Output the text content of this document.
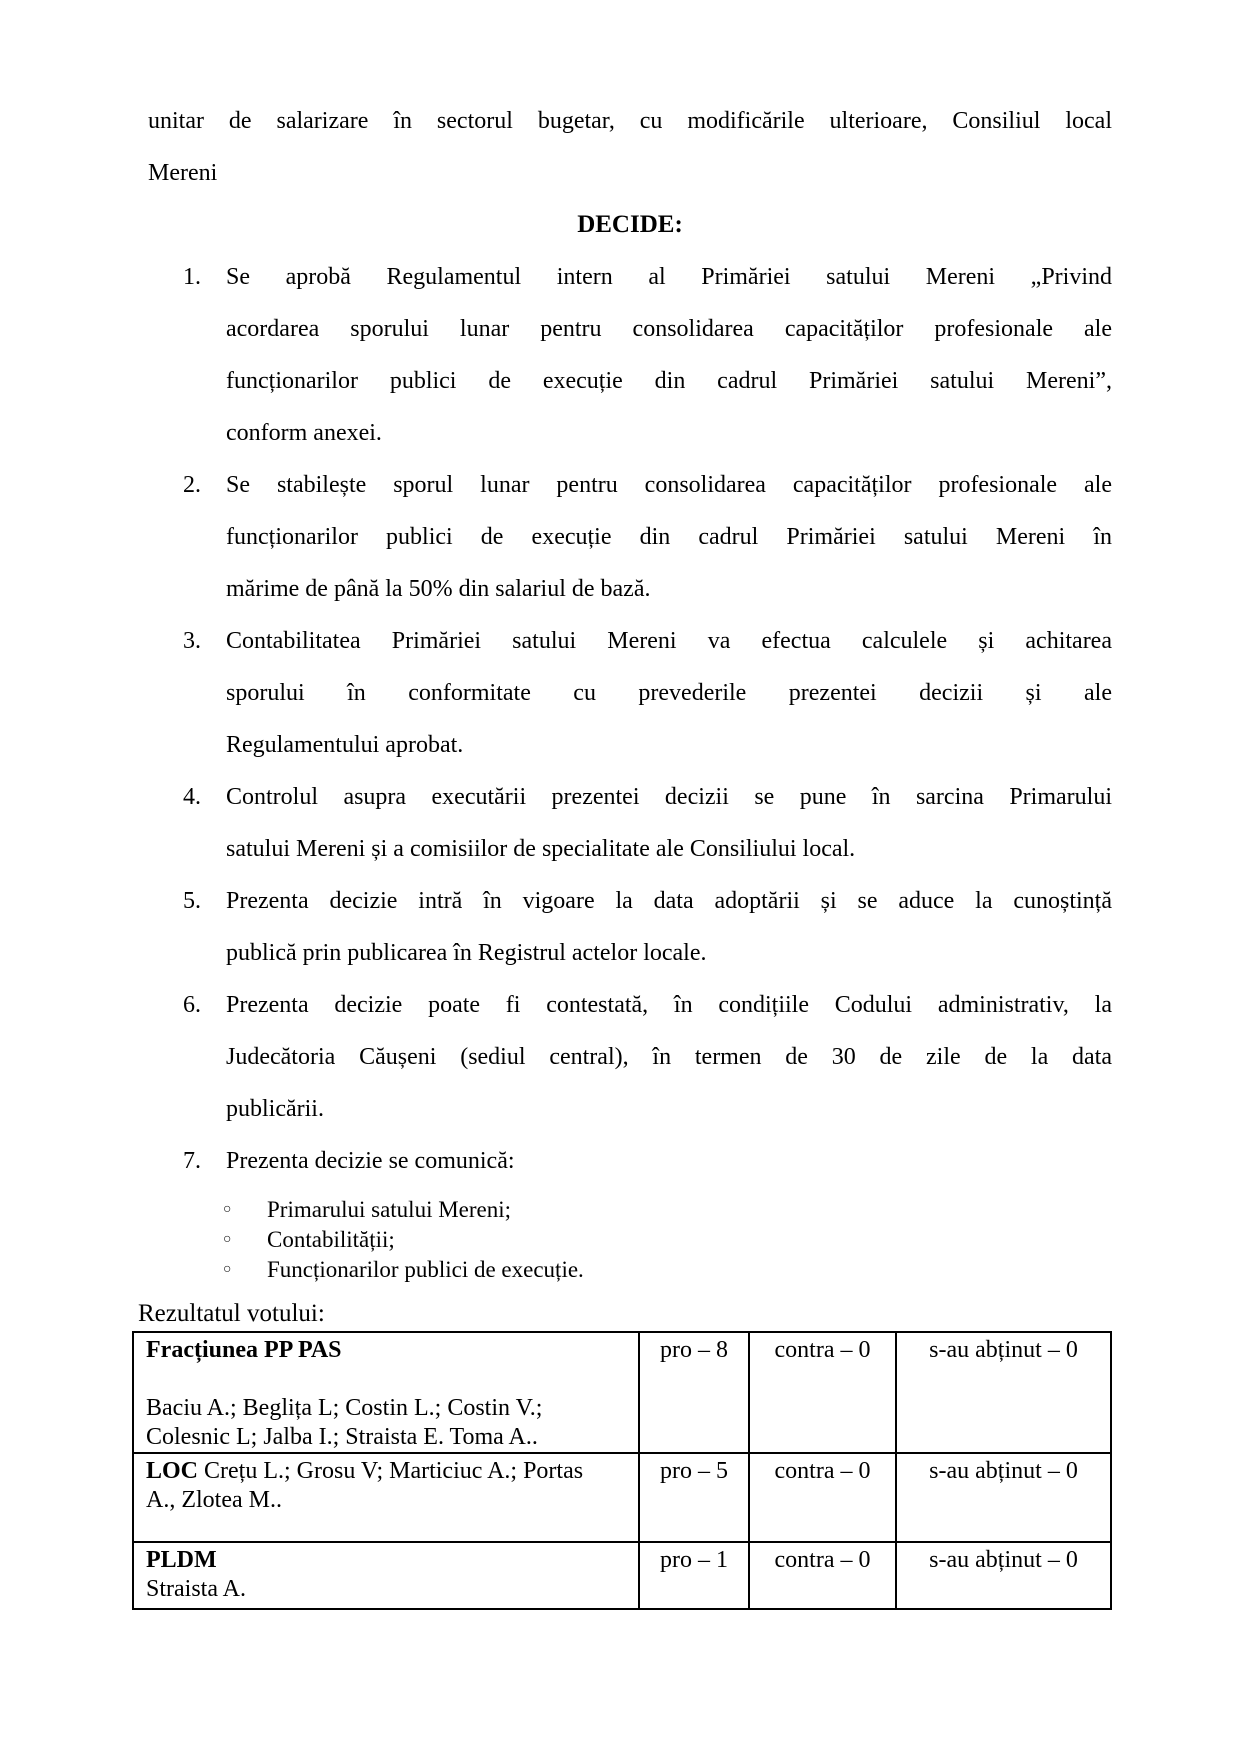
unitar de salarizare în sectorul bugetar, cu modificările ulterioare, Consiliul local
Mereni
DECIDE:
1.	Se aprobă Regulamentul intern al Primăriei satului Mereni „Privind
acordarea sporului lunar pentru consolidarea capacităților profesionale ale
funcționarilor publici de execuție din cadrul Primăriei satului Mereni”,
conform anexei.
2.	Se stabilește sporul lunar pentru consolidarea capacităților profesionale ale
funcționarilor publici de execuție din cadrul Primăriei satului Mereni în
mărime de până la 50% din salariul de bază.
3.	Contabilitatea Primăriei satului Mereni va efectua calculele și achitarea
sporului în conformitate cu prevederile prezentei decizii și ale
Regulamentului aprobat.
4.	Controlul asupra executării prezentei decizii se pune în sarcina Primarului
satului Mereni și a comisiilor de specialitate ale Consiliului local.
5.	Prezenta decizie intră în vigoare la data adoptării și se aduce la cunoștință
publică prin publicarea în Registrul actelor locale.
6.	Prezenta decizie poate fi contestată, în condițiile Codului administrativ, la
Judecătoria Căușeni (sediul central), în termen de 30 de zile de la data
publicării.
7.	Prezenta decizie se comunică:
○	Primarului satului Mereni;
○	Contabilității;
○	Funcționarilor publici de execuție.
Rezultatul votului:
Fracțiunea PP PAS
Baciu A.; Beglița L; Costin L.; Costin V.;
Colesnic L; Jalba I.; Straista E. Toma A..	pro – 8	contra – 0	s-au abținut – 0

LOC Crețu L.; Grosu V; Marticiuc A.; Portas
A., Zlotea M..	pro – 5	contra – 0	s-au abținut – 0

PLDM
Straista A.	pro – 1	contra – 0	s-au abținut – 0
